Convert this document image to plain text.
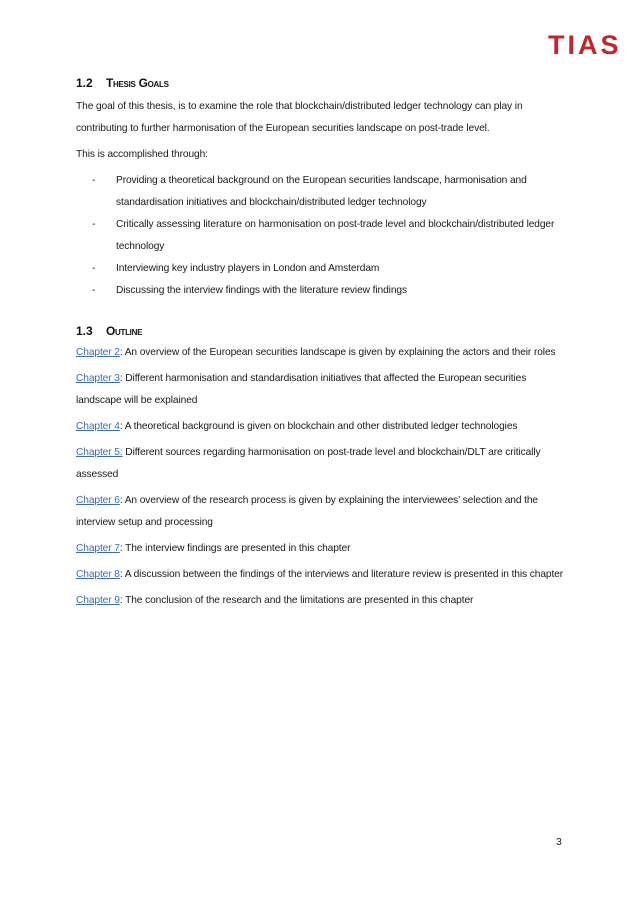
TIAS
1.2	Thesis Goals

The goal of this thesis, is to examine the role that blockchain/distributed ledger technology can play in contributing to further harmonisation of the European securities landscape on post-trade level.

This is accomplished through:

-	Providing a theoretical background on the European securities landscape, harmonisation and standardisation initiatives and blockchain/distributed ledger technology
-	Critically assessing literature on harmonisation on post-trade level and blockchain/distributed ledger technology
-	Interviewing key industry players in London and Amsterdam
-	Discussing the interview findings with the literature review findings
1.3	Outline

Chapter 2: An overview of the European securities landscape is given by explaining the actors and their roles

Chapter 3: Different harmonisation and standardisation initiatives that affected the European securities landscape will be explained

Chapter 4: A theoretical background is given on blockchain and other distributed ledger technologies

Chapter 5: Different sources regarding harmonisation on post-trade level and blockchain/DLT are critically assessed

Chapter 6: An overview of the research process is given by explaining the interviewees’ selection and the interview setup and processing

Chapter 7: The interview findings are presented in this chapter

Chapter 8: A discussion between the findings of the interviews and literature review is presented in this chapter

Chapter 9: The conclusion of the research and the limitations are presented in this chapter

3
